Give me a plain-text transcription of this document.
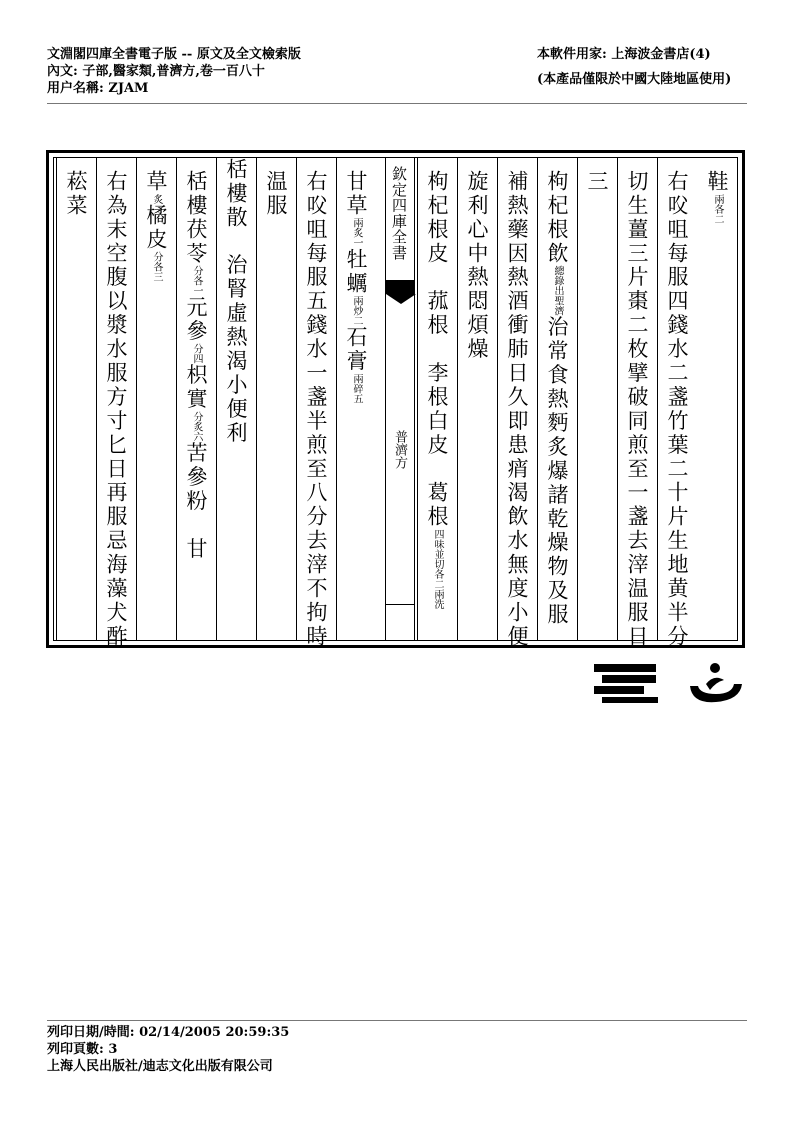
文淵閣四庫全書電子版 -- 原文及全文檢索版
內文: 子部,醫家類,普濟方,卷一百八十
用户名稱: ZJAM
本軟件用家: 上海波金書店(4)
(本產品僅限於中國大陸地區使用)
鞋兩各二
右㕮咀每服四錢水二盞竹葉二十片生地黄半分
切生薑三片棗二枚擘破同煎至一盞去滓温服日
三
枸杞根飲總錄出聖濟治常食熱麪炙爆諸乾燥物及服
補熱藥因熱酒衝肺日久即患痟渴飲水無度小便
旋利心中熱悶煩燥
枸杞根皮　菰根　李根白皮　葛根四味並切各二兩洗
欽定四庫全書
普濟方
甘草兩炙一牡蠣兩炒二石膏兩碎五
右㕮咀每服五錢水一盞半煎至八分去滓不拘時
温服
栝樓散　治腎虛熱渴小便利
栝樓茯苓分各一元參分四枳實分炙六苦參粉　甘
草炙橘皮分各三
右為末空腹以漿水服方寸匕日再服忌海藻犬酢
菘菜
列印日期/時間: 02/14/2005 20:59:35
列印頁數: 3
上海人民出版社/迪志文化出版有限公司
